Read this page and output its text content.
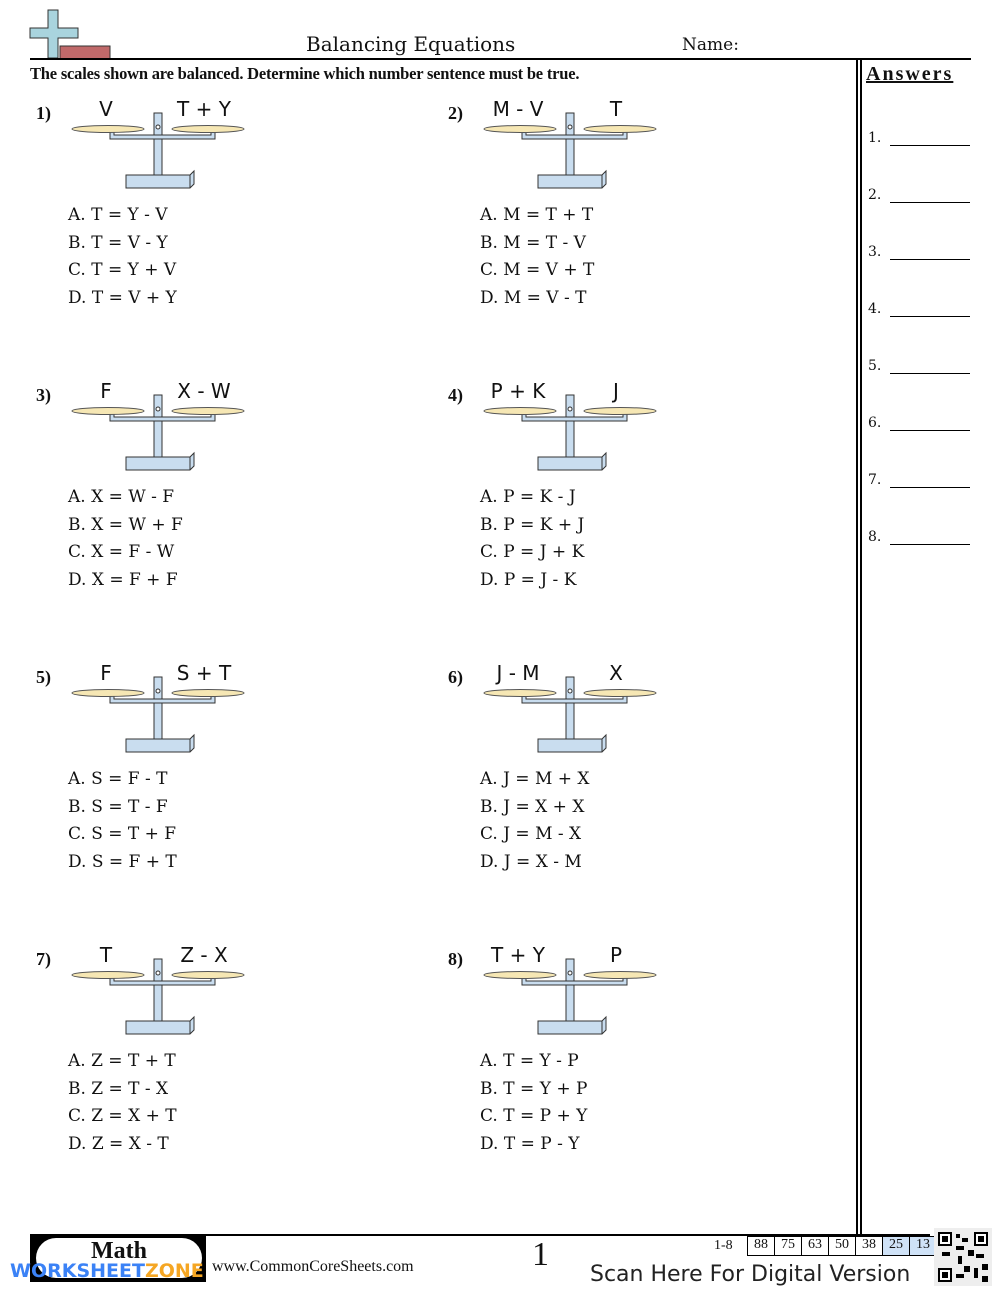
Balancing Equations	Name:
The scales shown are balanced. Determine which number sentence must be true.	Answers
1.
2.
3.
4.
5.
6.
7.
8.
1)	V	T + Y
A. T = Y - V
B. T = V - Y
C. T = Y + V
D. T = V + Y
2)	M - V	T
A. M = T + T
B. M = T - V
C. M = V + T
D. M = V - T
3)	F	X - W
A. X = W - F
B. X = W + F
C. X = F - W
D. X = F + F
4)	P + K	J
A. P = K - J
B. P = K + J
C. P = J + K
D. P = J - K
5)	F	S + T
A. S = F - T
B. S = T - F
C. S = T + F
D. S = F + T
6)	J - M	X
A. J = M + X
B. J = X + X
C. J = M - X
D. J = X - M
7)	T	Z - X
A. Z = T + T
B. Z = T - X
C. Z = X + T
D. Z = X - T
8)	T + Y	P
A. T = Y - P
B. T = Y + P
C. T = P + Y
D. T = P - Y
Math
WORKSHEETZONE www.CommonCoreSheets.com	1	1-8	88 75 63 50 38 25 13
Scan Here For Digital Version
